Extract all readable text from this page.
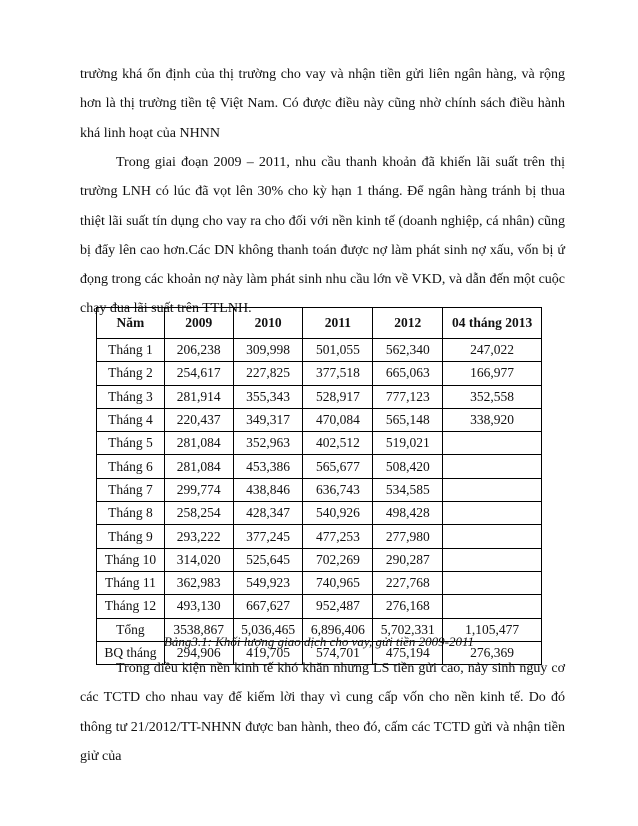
trường khá ổn định của thị trường cho vay và nhận tiền gửi liên ngân hàng, và rộng hơn là thị trường tiền tệ Việt Nam. Có được điều này cũng nhờ chính sách điều hành khá linh hoạt của NHNN

Trong giai đoạn 2009 – 2011, nhu cầu thanh khoản đã khiến lãi suất trên thị trường LNH có lúc đã vọt lên 30% cho kỳ hạn 1 tháng. Để ngân hàng tránh bị thua thiệt lãi suất tín dụng cho vay ra cho đối với nền kinh tế (doanh nghiệp, cá nhân) cũng bị đẩy lên cao hơn.Các DN không thanh toán được nợ làm phát sinh nợ xấu, vốn bị ứ đọng trong các khoản nợ này làm phát sinh nhu cầu lớn về VKD, và dẫn đến một cuộc chạy đua lãi suất trên TTLNH.

Năm	2009	2010	2011	2012	04 tháng 2013
Tháng 1	206,238	309,998	501,055	562,340	247,022
Tháng 2	254,617	227,825	377,518	665,063	166,977
Tháng 3	281,914	355,343	528,917	777,123	352,558
Tháng 4	220,437	349,317	470,084	565,148	338,920
Tháng 5	281,084	352,963	402,512	519,021	
Tháng 6	281,084	453,386	565,677	508,420	
Tháng 7	299,774	438,846	636,743	534,585	
Tháng 8	258,254	428,347	540,926	498,428	
Tháng 9	293,222	377,245	477,253	277,980	
Tháng 10	314,020	525,645	702,269	290,287	
Tháng 11	362,983	549,923	740,965	227,768	
Tháng 12	493,130	667,627	952,487	276,168	
Tổng	3538,867	5,036,465	6,896,406	5,702,331	1,105,477
BQ tháng	294,906	419,705	574,701	475,194	276,369
Bảng3.1: Khối lượng giao dịch cho vay, gửi tiền 2009-2011

Trong điều kiện nền kinh tế khó khăn nhưng LS tiền gửi cao, nảy sinh nguy cơ các TCTD cho nhau vay để kiếm lời thay vì cung cấp vốn cho nền kinh tế. Do đó thông tư 21/2012/TT-NHNN được ban hành, theo đó, cấm các TCTD gửi và nhận tiền giử của
